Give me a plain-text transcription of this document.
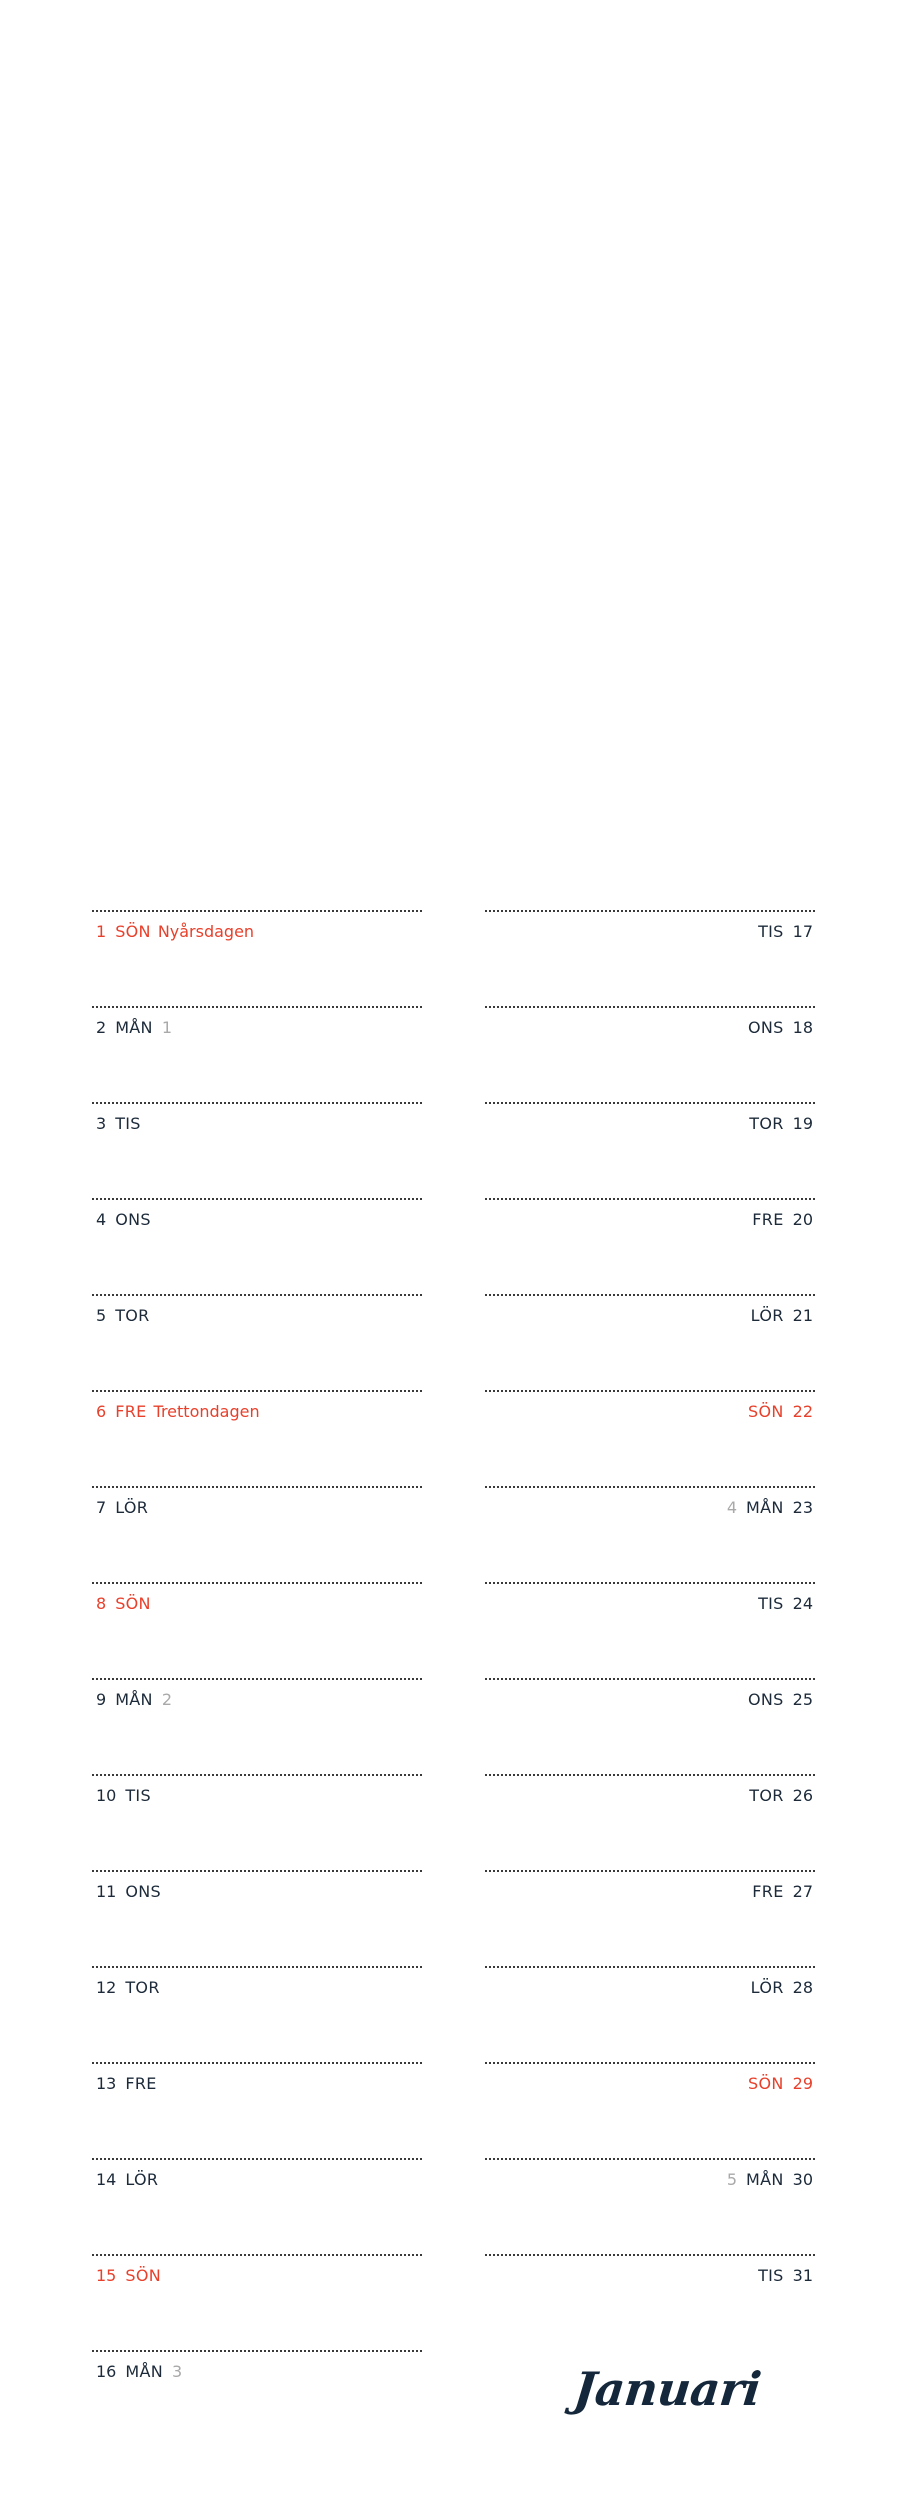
1 SÖN Nyårsdagen
2 MÅN 1
3 TIS
4 ONS
5 TOR
6 FRE Trettondagen
7 LÖR
8 SÖN
9 MÅN 2
10 TIS
11 ONS
12 TOR
13 FRE
14 LÖR
15 SÖN
16 MÅN 3
TIS 17
ONS 18
TOR 19
FRE 20
LÖR 21
SÖN 22
4 MÅN 23
TIS 24
ONS 25
TOR 26
FRE 27
LÖR 28
SÖN 29
5 MÅN 30
TIS 31
Januari
